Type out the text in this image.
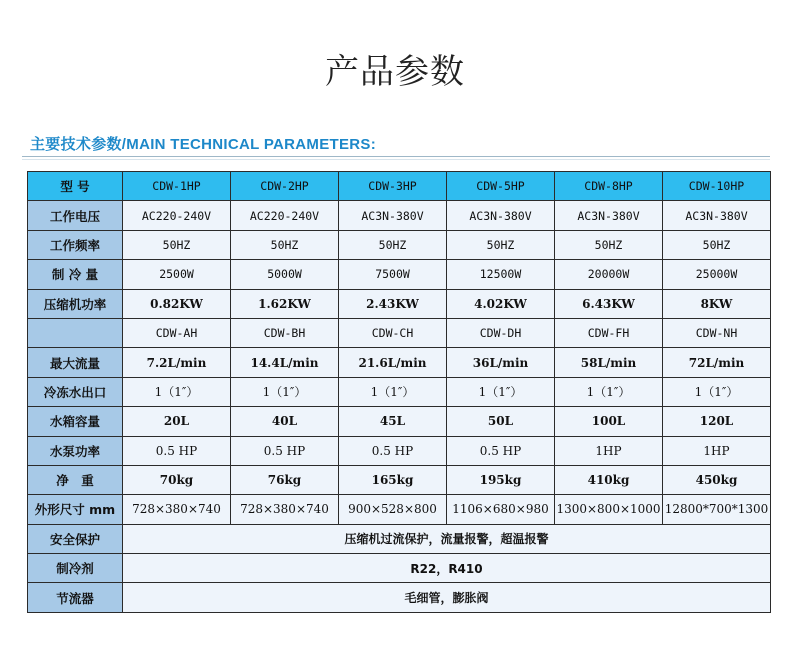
产品参数
主要技术参数/MAIN TECHNICAL PARAMETERS:
型 号	CDW-1HP	CDW-2HP	CDW-3HP	CDW-5HP	CDW-8HP	CDW-10HP
工作电压	AC220-240V	AC220-240V	AC3N-380V	AC3N-380V	AC3N-380V	AC3N-380V
工作频率	50HZ	50HZ	50HZ	50HZ	50HZ	50HZ
制 冷 量	2500W	5000W	7500W	12500W	20000W	25000W
压缩机功率	0.82KW	1.62KW	2.43KW	4.02KW	6.43KW	8KW
	CDW-AH	CDW-BH	CDW-CH	CDW-DH	CDW-FH	CDW-NH
最大流量	7.2L/min	14.4L/min	21.6L/min	36L/min	58L/min	72L/min
冷冻水出口	1（1″）	1（1″）	1（1″）	1（1″）	1（1″）	1（1″）
水箱容量	20L	40L	45L	50L	100L	120L
水泵功率	0.5 HP	0.5 HP	0.5 HP	0.5 HP	1HP	1HP
净　重	70kg	76kg	165kg	195kg	410kg	450kg
外形尺寸 mm	728×380×740	728×380×740	900×528×800	1106×680×980	1300×800×1000	12800*700*1300
安全保护	压缩机过流保护，流量报警，超温报警					
制冷剂	R22，R410					
节流器	毛细管，膨胀阀					
